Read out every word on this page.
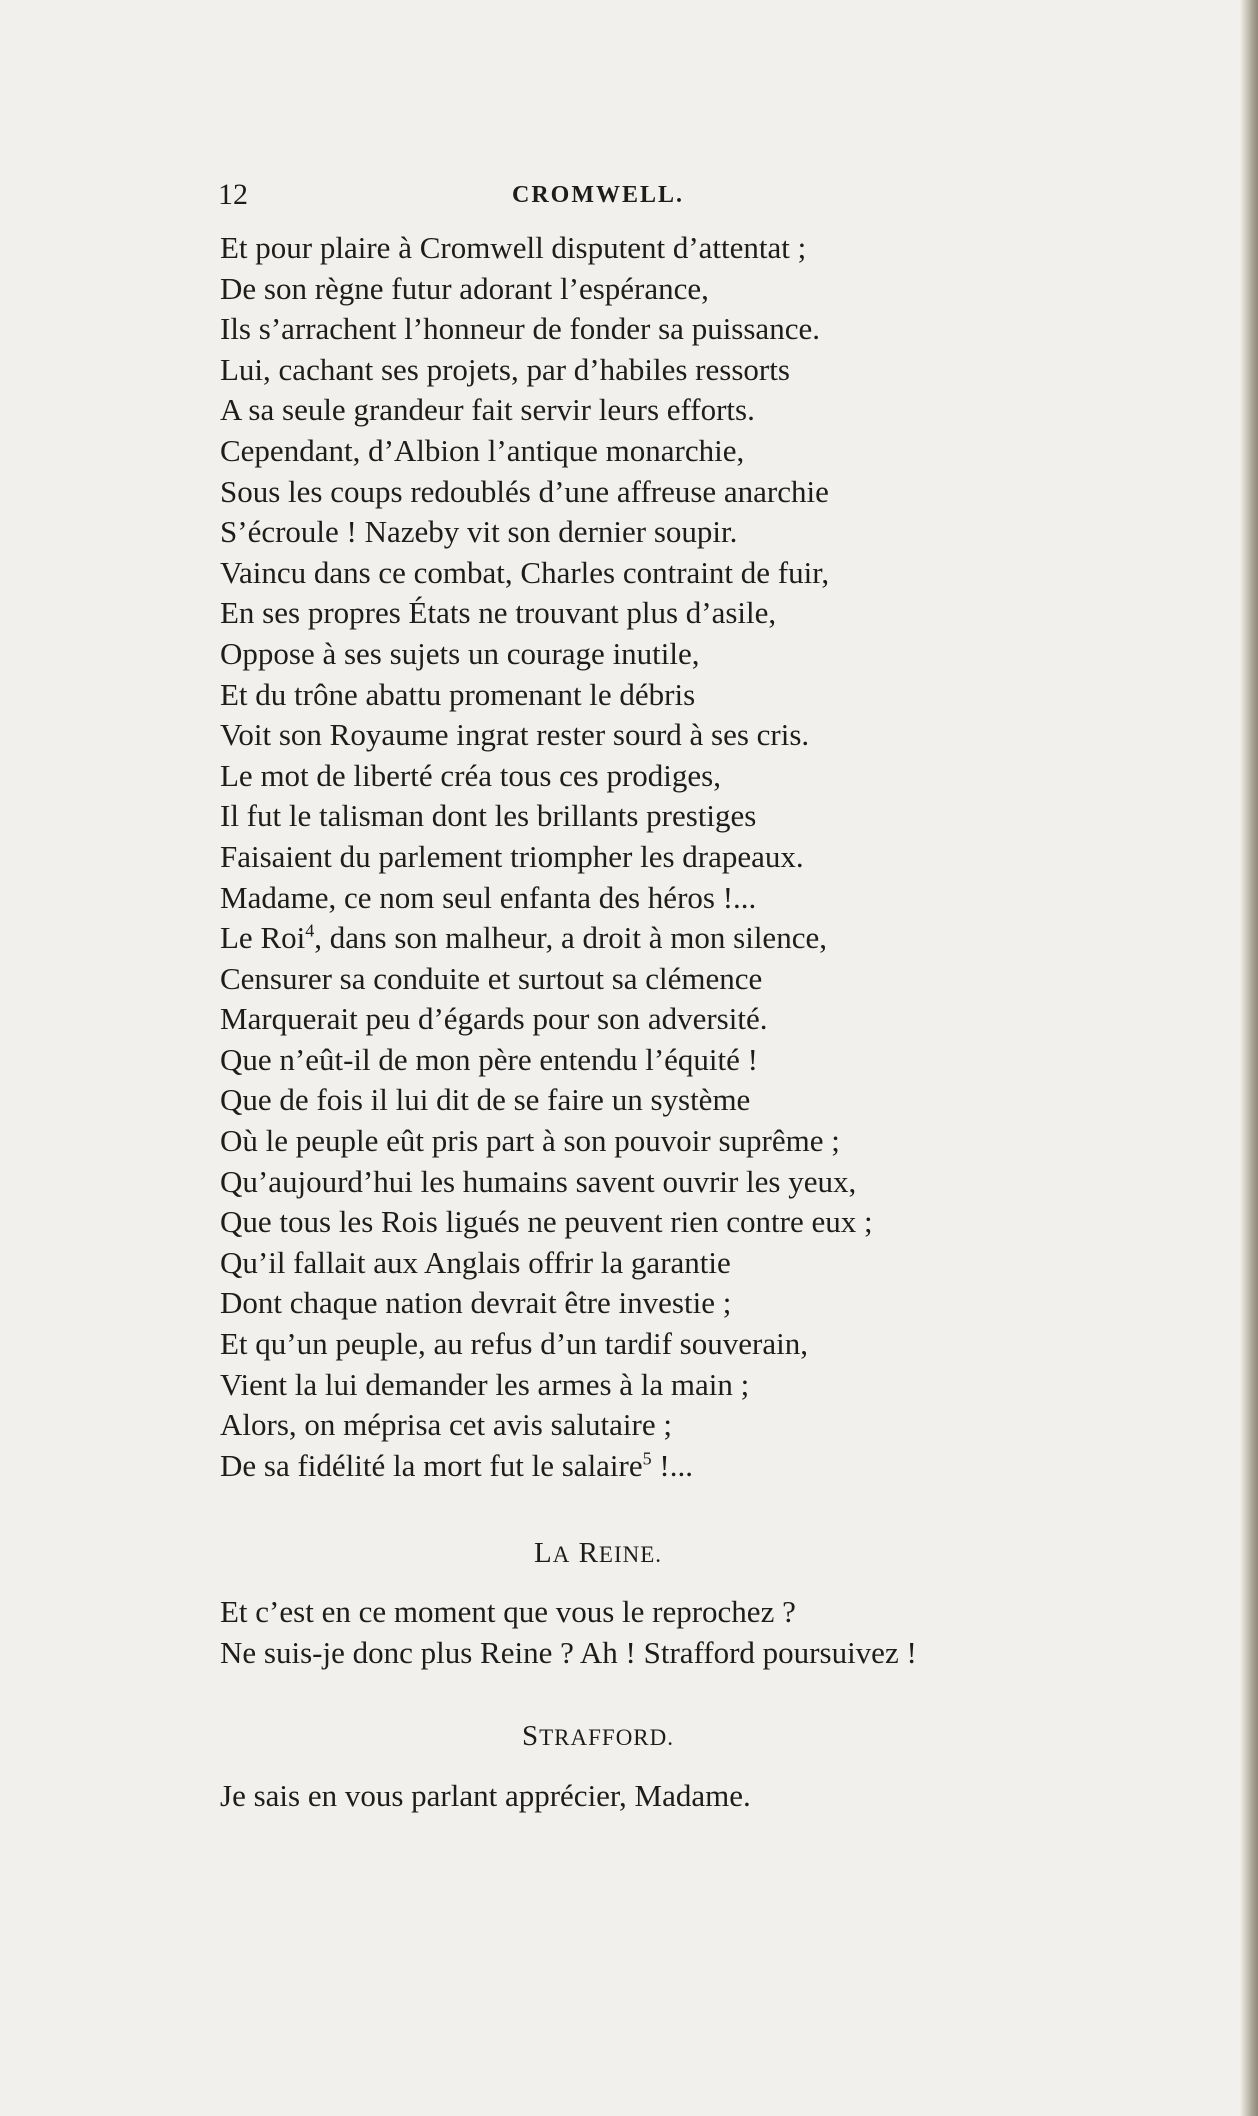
12	CROMWELL.
Et pour plaire à Cromwell disputent d’attentat ;
De son règne futur adorant l’espérance,
Ils s’arrachent l’honneur de fonder sa puissance.
Lui, cachant ses projets, par d’habiles ressorts
A sa seule grandeur fait servir leurs efforts.
Cependant, d’Albion l’antique monarchie,
Sous les coups redoublés d’une affreuse anarchie
S’écroule ! Nazeby vit son dernier soupir.
Vaincu dans ce combat, Charles contraint de fuir,
En ses propres États ne trouvant plus d’asile,
Oppose à ses sujets un courage inutile,
Et du trône abattu promenant le débris
Voit son Royaume ingrat rester sourd à ses cris.
Le mot de liberté créa tous ces prodiges,
Il fut le talisman dont les brillants prestiges
Faisaient du parlement triompher les drapeaux.
Madame, ce nom seul enfanta des héros !...
Le Roi$^4$, dans son malheur, a droit à mon silence,
Censurer sa conduite et surtout sa clémence
Marquerait peu d’égards pour son adversité.
Que n’eût-il de mon père entendu l’équité !
Que de fois il lui dit de se faire un système
Où le peuple eût pris part à son pouvoir suprême ;
Qu’aujourd’hui les humains savent ouvrir les yeux,
Que tous les Rois ligués ne peuvent rien contre eux ;
Qu’il fallait aux Anglais offrir la garantie
Dont chaque nation devrait être investie ;
Et qu’un peuple, au refus d’un tardif souverain,
Vient la lui demander les armes à la main ;
Alors, on méprisa cet avis salutaire ;
De sa fidélité la mort fut le salaire$^5$ !...
LA REINE.
Et c’est en ce moment que vous le reprochez ?
Ne suis-je donc plus Reine ? Ah ! Strafford poursuivez !
STRAFFORD.
Je sais en vous parlant apprécier, Madame.
